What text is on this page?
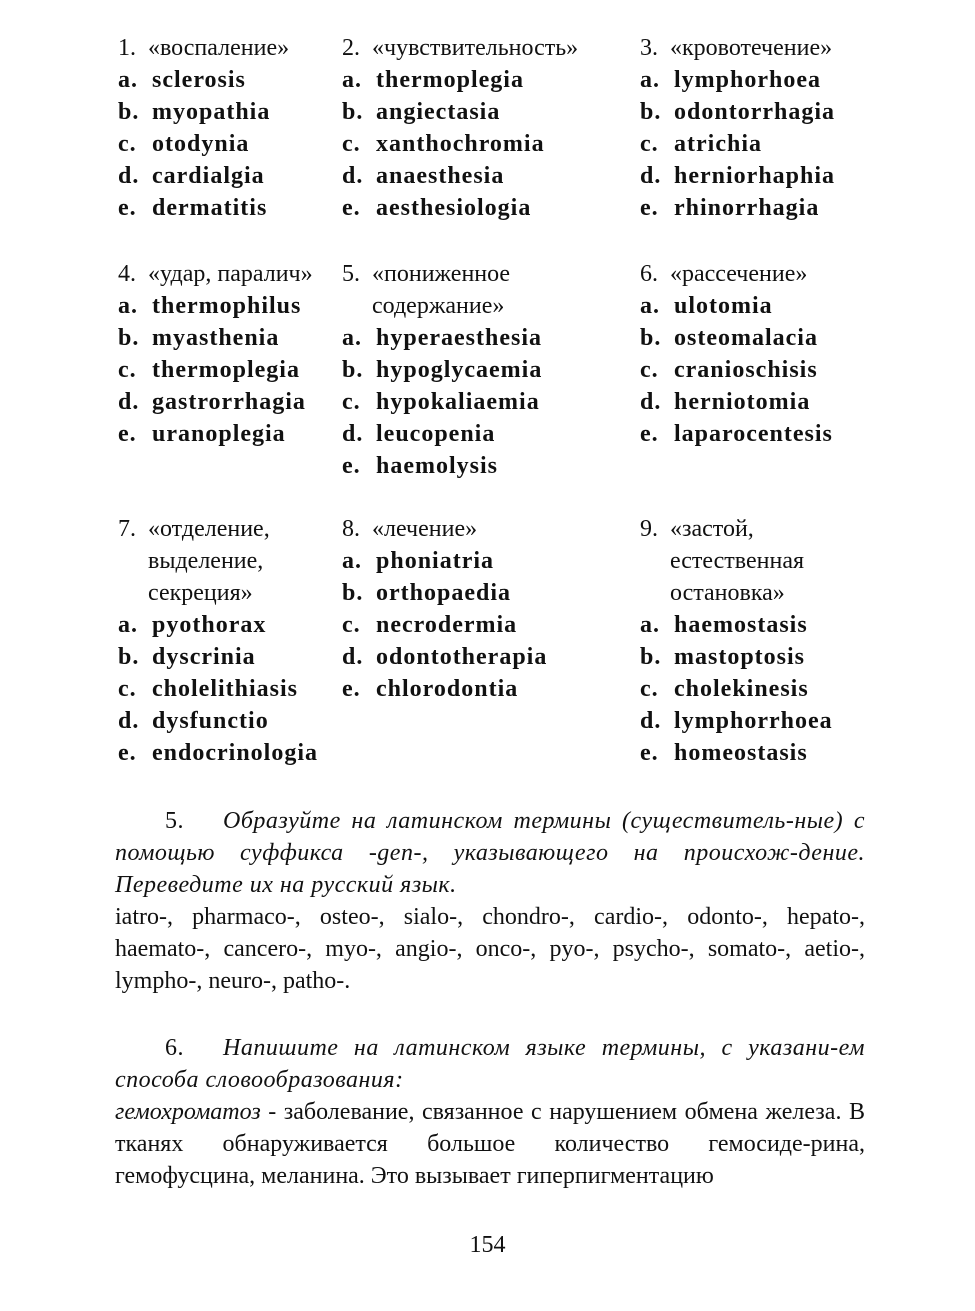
1. «воспаление»
a. sclerosis
b. myopathia
c. otodynia
d. cardialgia
e. dermatitis
2. «чувствительность»
a. thermoplegia
b. angiectasia
c. xanthochromia
d. anaesthesia
e. aesthesiologia
3. «кровотечение»
a. lymphorhoea
b. odontorrhagia
c. atrichia
d. herniorhaphia
e. rhinorrhagia
4. «удар, паралич»
a. thermophilus
b. myasthenia
c. thermoplegia
d. gastrorrhagia
e. uranoplegia
5. «пониженное содержание»
a. hyperaesthesia
b. hypoglycaemia
c. hypokaliaemia
d. leucopenia
e. haemolysis
6. «рассечение»
a. ulotomia
b. osteomalacia
c. cranioschisis
d. herniotomia
e. laparocentesis
7. «отделение, выделение, секреция»
a. pyothorax
b. dyscrinia
c. cholelithiasis
d. dysfunctio
e. endocrinologia
8. «лечение»
a. phoniatria
b. orthopaedia
c. necrodermia
d. odontotherapia
e. chlorodontia
9. «застой, естественная остановка»
a. haemostasis
b. mastoptosis
c. cholekinesis
d. lymphorrhoea
e. homeostasis
5. Образуйте на латинском термины (существитель-ные) с помощью суффикса -gen-, указывающего на происхож-дение. Переведите их на русский язык.
iatro-, pharmaco-, osteo-, sialo-, chondro-, cardio-, odonto-, hepato-, haemato-, cancero-, myo-, angio-, onco-, pyo-, psycho-, somato-, aetio-, lympho-, neuro-, patho-.
6. Напишите на латинском языке термины, с указани-ем способа словообразования:
гемохроматоз - заболевание, связанное с нарушением обмена железа. В тканях обнаруживается большое количество гемосиде-рина, гемофусцина, меланина. Это вызывает гиперпигментацию
154
